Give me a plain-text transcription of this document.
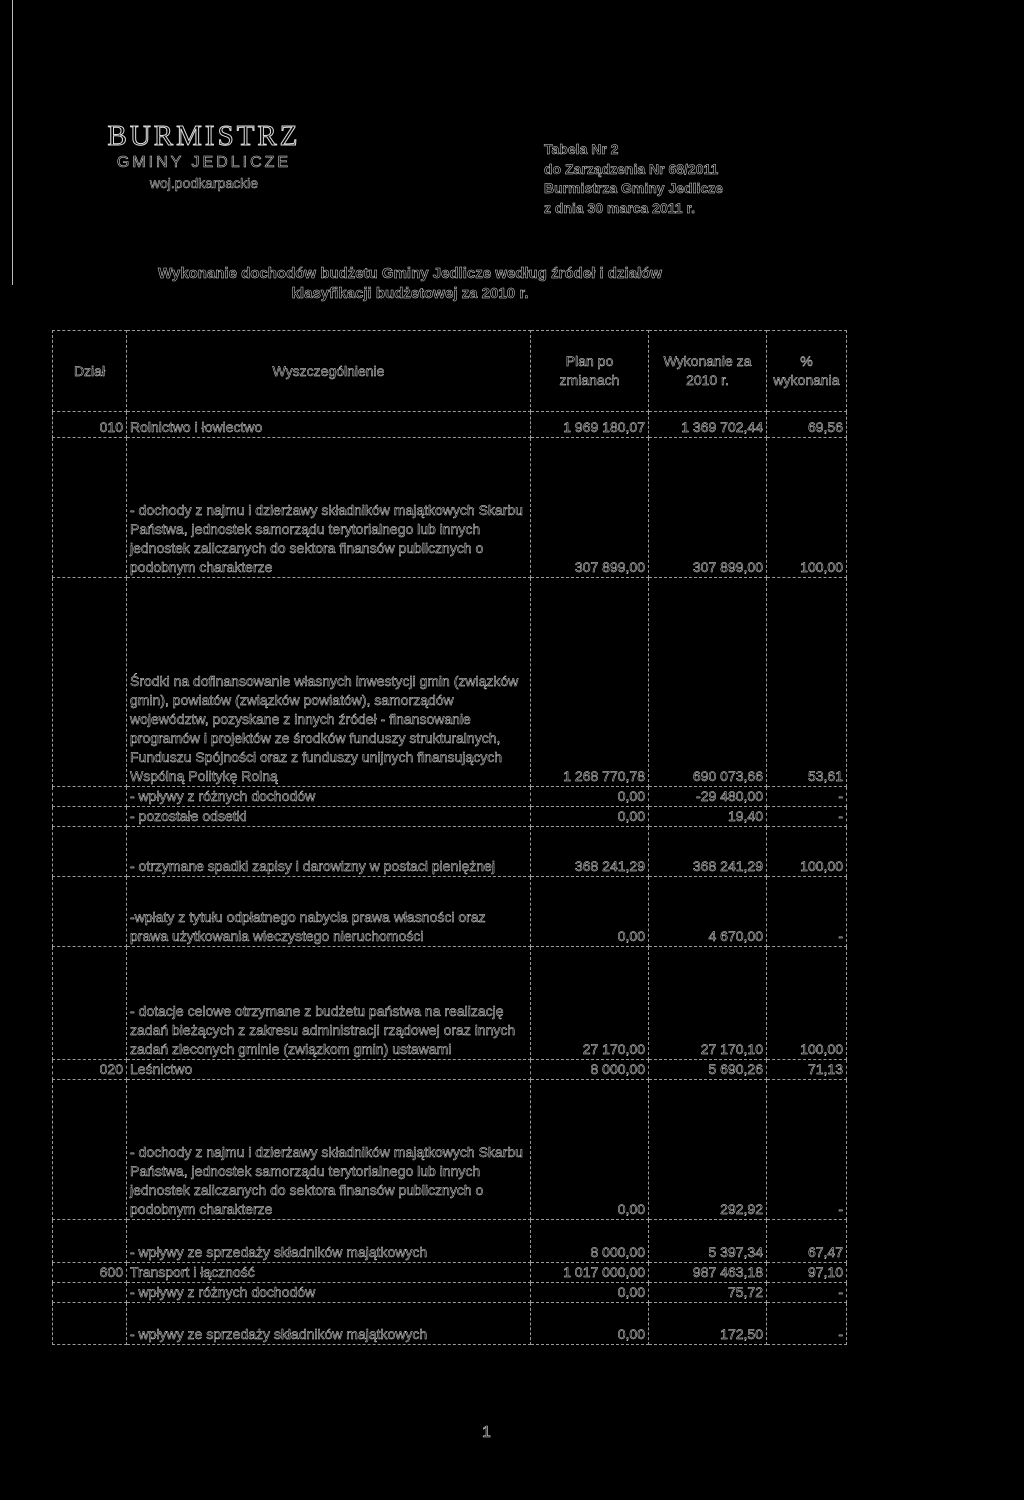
BURMISTRZ
GMINY JEDLICZE
woj.podkarpackie
Tabela Nr 2
do Zarządzenia Nr 68/2011
Burmistrza Gminy Jedlicze
z dnia 30 marca 2011 r.
Wykonanie dochodów budżetu Gminy Jedlicze według źródeł i działów
klasyfikacji budżetowej za 2010 r.
Dział	Wyszczególnienie	Plan po zmianach	Wykonanie za 2010 r.	% wykonania
010	Rolnictwo i łowiectwo	1 969 180,07	1 369 702,44	69,56
	- dochody z najmu i dzierżawy składników majątkowych Skarbu Państwa, jednostek samorządu terytorialnego lub innych jednostek zaliczanych do sektora finansów publicznych o podobnym charakterze	307 899,00	307 899,00	100,00
	Środki na dofinansowanie własnych inwestycji gmin (związków gmin), powiatów (związków powiatów), samorządów województw, pozyskane z innych źródeł - finansowanie programów i projektów ze środków funduszy strukturalnych, Funduszu Spójności oraz z funduszy unijnych finansujących Wspólną Politykę Rolną	1 268 770,78	690 073,66	53,61
	- wpływy z różnych dochodów	0,00	-29 480,00	-
	- pozostałe odsetki	0,00	19,40	-
	- otrzymane spadki zapisy i darowizny w postaci pieniężnej	368 241,29	368 241,29	100,00
	-wpłaty z tytułu odpłatnego nabycia prawa własności oraz prawa użytkowania wieczystego nieruchomości	0,00	4 670,00	-
	- dotacje celowe otrzymane z budżetu państwa na realizację zadań bieżących z zakresu administracji rządowej oraz innych zadań zleconych gminie (związkom gmin) ustawami	27 170,00	27 170,10	100,00
020	Leśnictwo	8 000,00	5 690,26	71,13
	- dochody z najmu i dzierżawy składników majątkowych Skarbu Państwa, jednostek samorządu terytorialnego lub innych jednostek zaliczanych do sektora finansów publicznych o podobnym charakterze	0,00	292,92	-
	- wpływy ze sprzedaży składników majątkowych	8 000,00	5 397,34	67,47
600	Transport i łączność	1 017 000,00	987 463,18	97,10
	- wpływy z różnych dochodów	0,00	75,72	-
	- wpływy ze sprzedaży składników majątkowych	0,00	172,50	-
1
